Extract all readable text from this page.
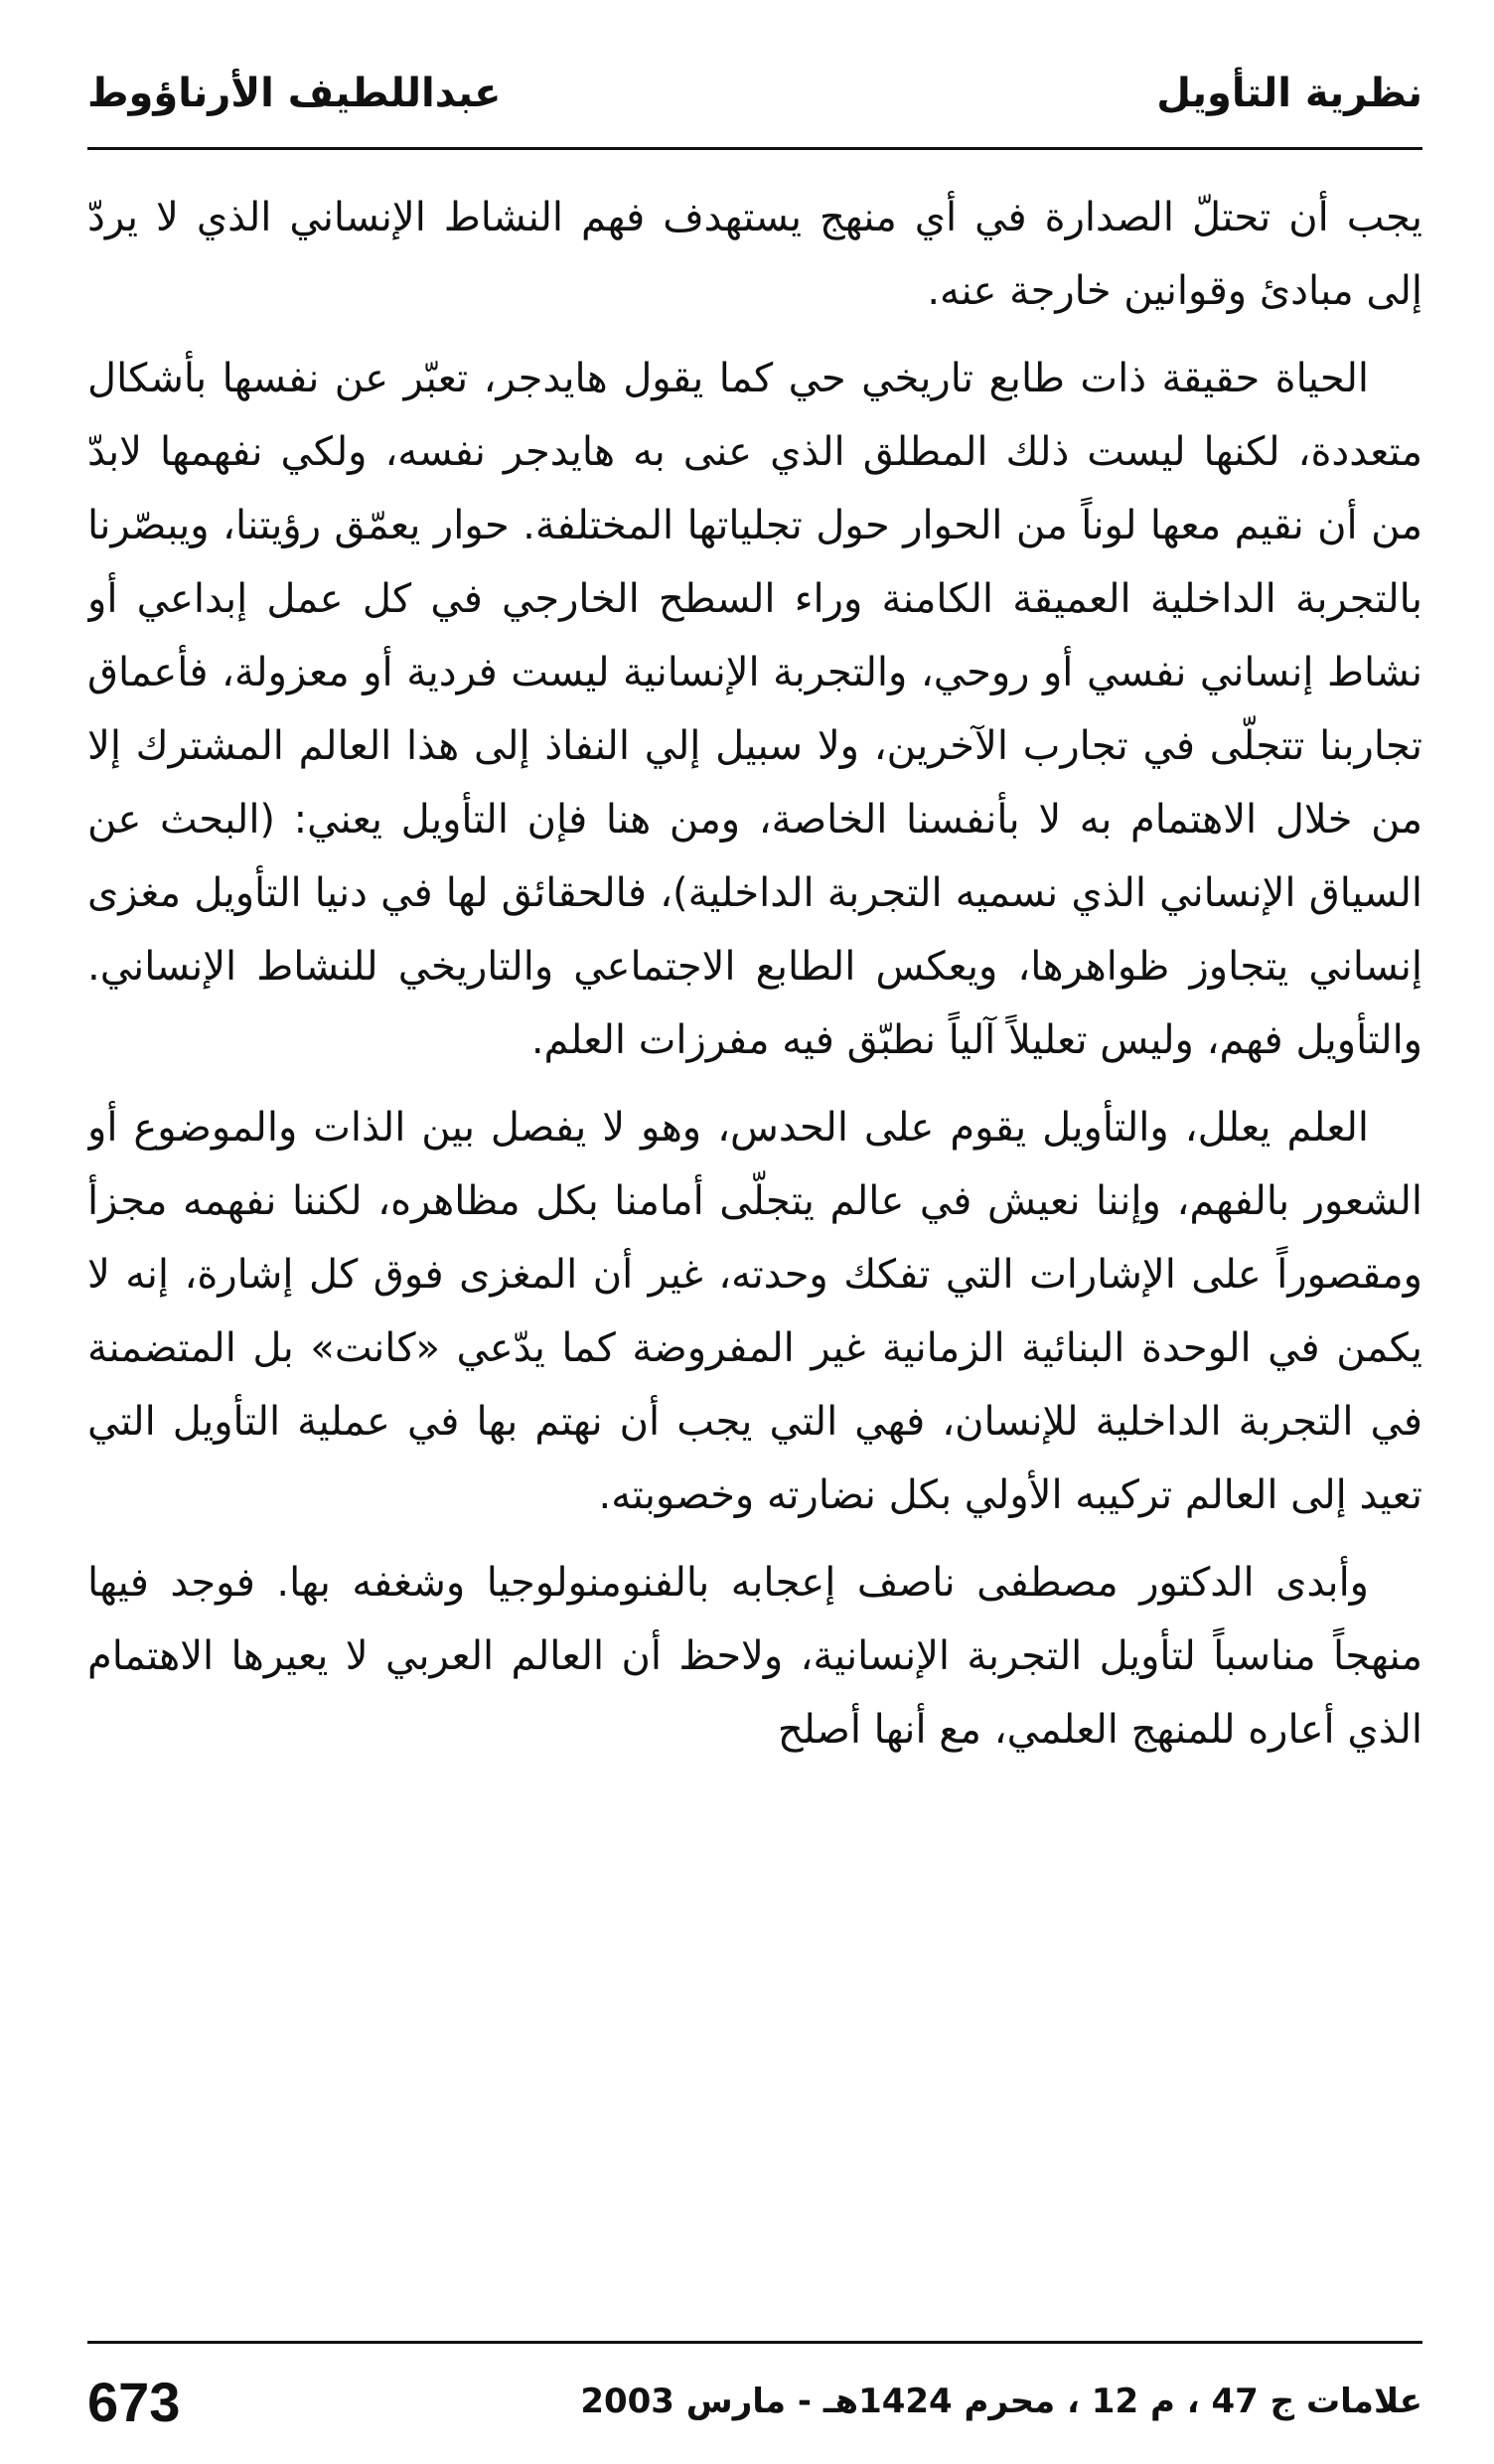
نظرية التأويل
عبداللطيف الأرناؤوط

يجب أن تحتلّ الصدارة في أي منهج يستهدف فهم النشاط الإنساني الذي لا يردّ إلى مبادئ وقوانين خارجة عنه.

الحياة حقيقة ذات طابع تاريخي حي كما يقول هايدجر، تعبّر عن نفسها بأشكال متعددة، لكنها ليست ذلك المطلق الذي عنى به هايدجر نفسه، ولكي نفهمها لابدّ من أن نقيم معها لوناً من الحوار حول تجلياتها المختلفة. حوار يعمّق رؤيتنا، ويبصّرنا بالتجربة الداخلية العميقة الكامنة وراء السطح الخارجي في كل عمل إبداعي أو نشاط إنساني نفسي أو روحي، والتجربة الإنسانية ليست فردية أو معزولة، فأعماق تجاربنا تتجلّى في تجارب الآخرين، ولا سبيل إلي النفاذ إلى هذا العالم المشترك إلا من خلال الاهتمام به لا بأنفسنا الخاصة، ومن هنا فإن التأويل يعني: (البحث عن السياق الإنساني الذي نسميه التجربة الداخلية)، فالحقائق لها في دنيا التأويل مغزى إنساني يتجاوز ظواهرها، ويعكس الطابع الاجتماعي والتاريخي للنشاط الإنساني. والتأويل فهم، وليس تعليلاً آلياً نطبّق فيه مفرزات العلم.

العلم يعلل، والتأويل يقوم على الحدس، وهو لا يفصل بين الذات والموضوع أو الشعور بالفهم، وإننا نعيش في عالم يتجلّى أمامنا بكل مظاهره، لكننا نفهمه مجزأ ومقصوراً على الإشارات التي تفكك وحدته، غير أن المغزى فوق كل إشارة، إنه لا يكمن في الوحدة البنائية الزمانية غير المفروضة كما يدّعي «كانت» بل المتضمنة في التجربة الداخلية للإنسان، فهي التي يجب أن نهتم بها في عملية التأويل التي تعيد إلى العالم تركيبه الأولي بكل نضارته وخصوبته.

وأبدى الدكتور مصطفى ناصف إعجابه بالفنومنولوجيا وشغفه بها. فوجد فيها منهجاً مناسباً لتأويل التجربة الإنسانية، ولاحظ أن العالم العربي لا يعيرها الاهتمام الذي أعاره للمنهج العلمي، مع أنها أصلح

علامات ج 47 ، م 12 ، محرم 1424هـ - مارس 2003
673
